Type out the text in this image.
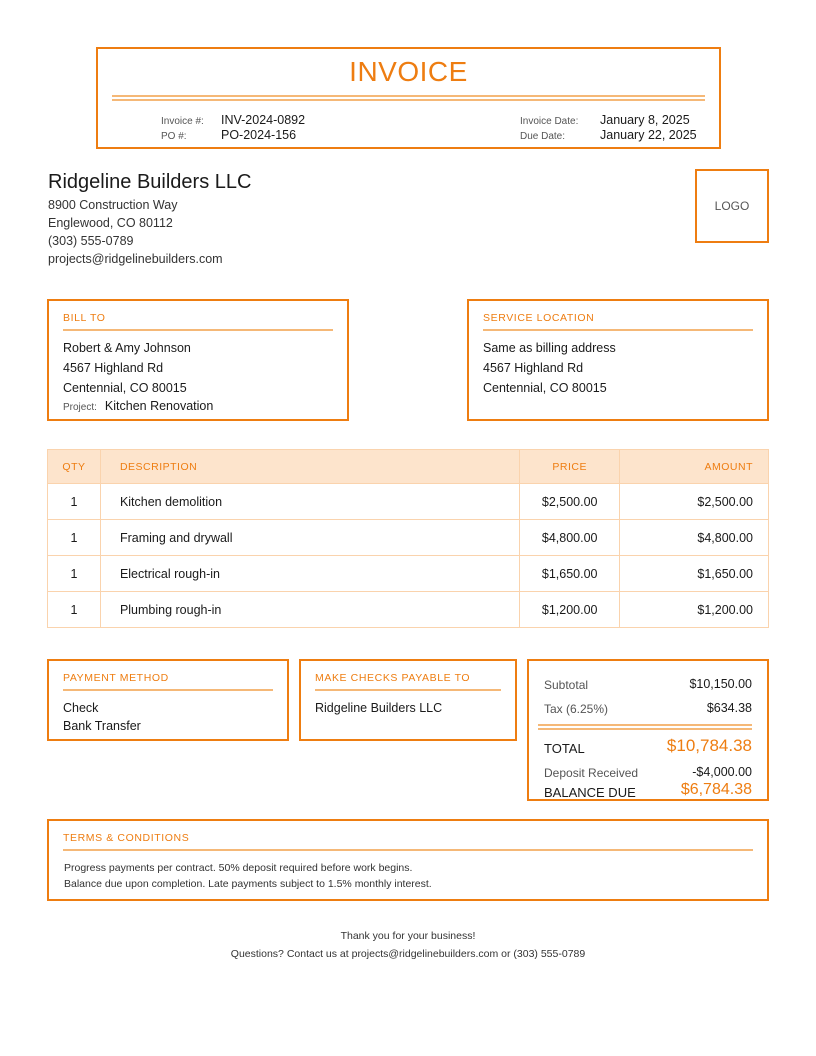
INVOICE
Invoice #: INV-2024-0892
PO #:	PO-2024-156
Invoice Date: January 8, 2025
Due Date:	January 22, 2025
Ridgeline Builders LLC
8900 Construction Way
Englewood, CO 80112
(303) 555-0789
projects@ridgelinebuilders.com
LOGO
BILL TO
Robert & Amy Johnson
4567 Highland Rd
Centennial, CO 80015
Project: Kitchen Renovation
SERVICE LOCATION
Same as billing address
4567 Highland Rd
Centennial, CO 80015
QTY	DESCRIPTION	PRICE	AMOUNT
1	Kitchen demolition	$2,500.00	$2,500.00
1	Framing and drywall	$4,800.00	$4,800.00
1	Electrical rough-in	$1,650.00	$1,650.00
1	Plumbing rough-in	$1,200.00	$1,200.00
PAYMENT METHOD
Check
Bank Transfer
MAKE CHECKS PAYABLE TO
Ridgeline Builders LLC
Subtotal	$10,150.00
Tax (6.25%)	$634.38
TOTAL	$10,784.38
Deposit Received	-$4,000.00
BALANCE DUE	$6,784.38
TERMS & CONDITIONS
Progress payments per contract. 50% deposit required before work begins.
Balance due upon completion. Late payments subject to 1.5% monthly interest.
Thank you for your business!
Questions? Contact us at projects@ridgelinebuilders.com or (303) 555-0789
